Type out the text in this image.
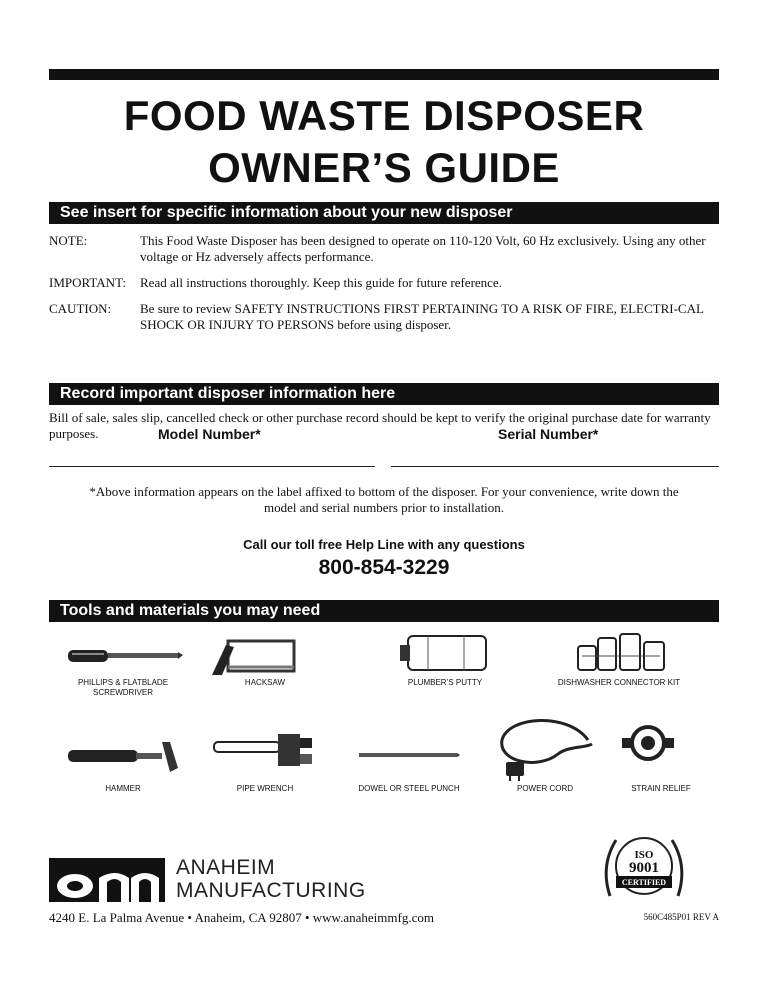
FOOD WASTE DISPOSER
OWNER’S GUIDE
See insert for specific information about your new disposer
NOTE:	This Food Waste Disposer has been designed to operate on 110-120 Volt, 60 Hz exclusively. Using any other voltage or Hz adversely affects performance.
IMPORTANT:	Read all instructions thoroughly. Keep this guide for future reference.
CAUTION:	Be sure to review SAFETY INSTRUCTIONS FIRST PERTAINING TO A RISK OF FIRE, ELECTRI-CAL SHOCK OR INJURY TO PERSONS before using disposer.
Record important disposer information here
Bill of sale, sales slip, cancelled check or other purchase record should be kept to verify the original purchase date for warranty purposes.	Model Number*	Serial Number*
*Above information appears on the label affixed to bottom of the disposer. For your convenience, write down the model and serial numbers prior to installation.
Call our toll free Help Line with any questions
800-854-3229
Tools and materials you may need
PHILLIPS & FLATBLADE SCREWDRIVER
HACKSAW	PLUMBER’S PUTTY	DISHWASHER CONNECTOR KIT
HAMMER	PIPE WRENCH	DOWEL OR STEEL PUNCH	POWER CORD	STRAIN RELIEF
ANAHEIM
MANUFACTURING
4240 E. La Palma Avenue • Anaheim, CA 92807 • www.anaheimmfg.com
ISO
9001
CERTIFIED
560C485P01 REV A
